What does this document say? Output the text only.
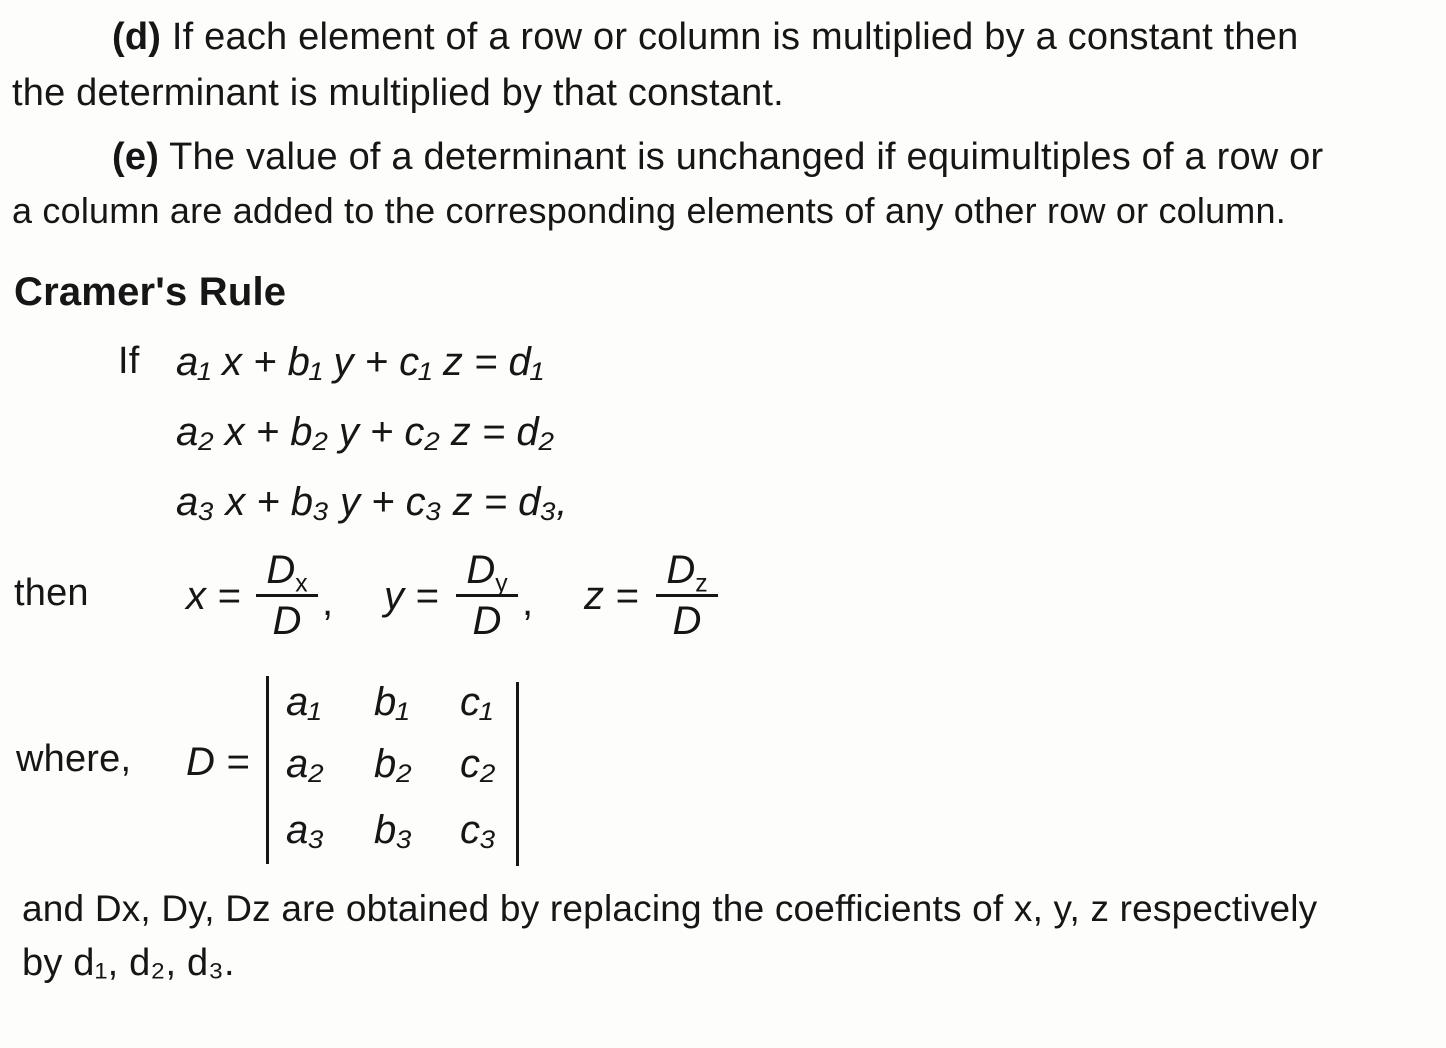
(d) If each element of a row or column is multiplied by a constant then
the determinant is multiplied by that constant.
(e) The value of a determinant is unchanged if equimultiples of a row or
a column are added to the corresponding elements of any other row or column.
Cramer's Rule
If a₁ x + b₁ y + c₁ z = d₁
a₂ x + b₂ y + c₂ z = d₂
a₃ x + b₃ y + c₃ z = d₃,
then x =
$D_x$
D , y =
$D_y$
D , z =
$D_z$
D
where, D =
a₁ b₁ c₁
a₂ b₂ c₂
a₃ b₃ c₃
and Dx, Dy, Dz are obtained by replacing the coefficients of x, y, z respectively
by d₁, d₂, d₃.
